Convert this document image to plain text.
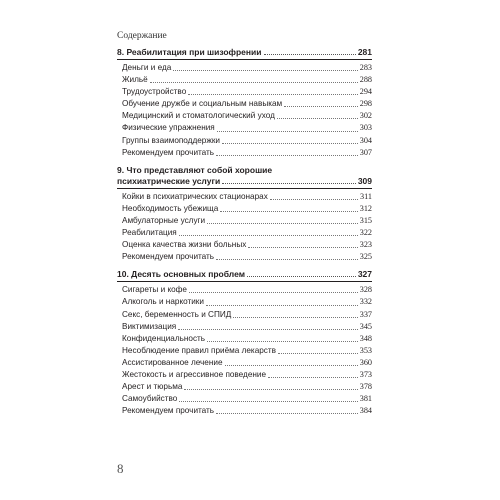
Содержание
8. Реабилитация при шизофрении	281
Деньги и еда	283
Жильё	288
Трудоустройство	294
Обучение дружбе и социальным навыкам	298
Медицинский и стоматологический уход	302
Физические упражнения	303
Группы взаимоподдержки	304
Рекомендуем прочитать	307
9. Что представляют собой хорошие
психиатрические услуги	309
Койки в психиатрических стационарах	311
Необходимость убежища	312
Амбулаторные услуги	315
Реабилитация	322
Оценка качества жизни больных	323
Рекомендуем прочитать	325
10. Десять основных проблем	327
Сигареты и кофе	328
Алкоголь и наркотики	332
Секс, беременность и СПИД	337
Виктимизация	345
Конфиденциальность	348
Несоблюдение правил приёма лекарств	353
Ассистированное лечение	360
Жестокость и агрессивное поведение	373
Арест и тюрьма	378
Самоубийство	381
Рекомендуем прочитать	384
8
